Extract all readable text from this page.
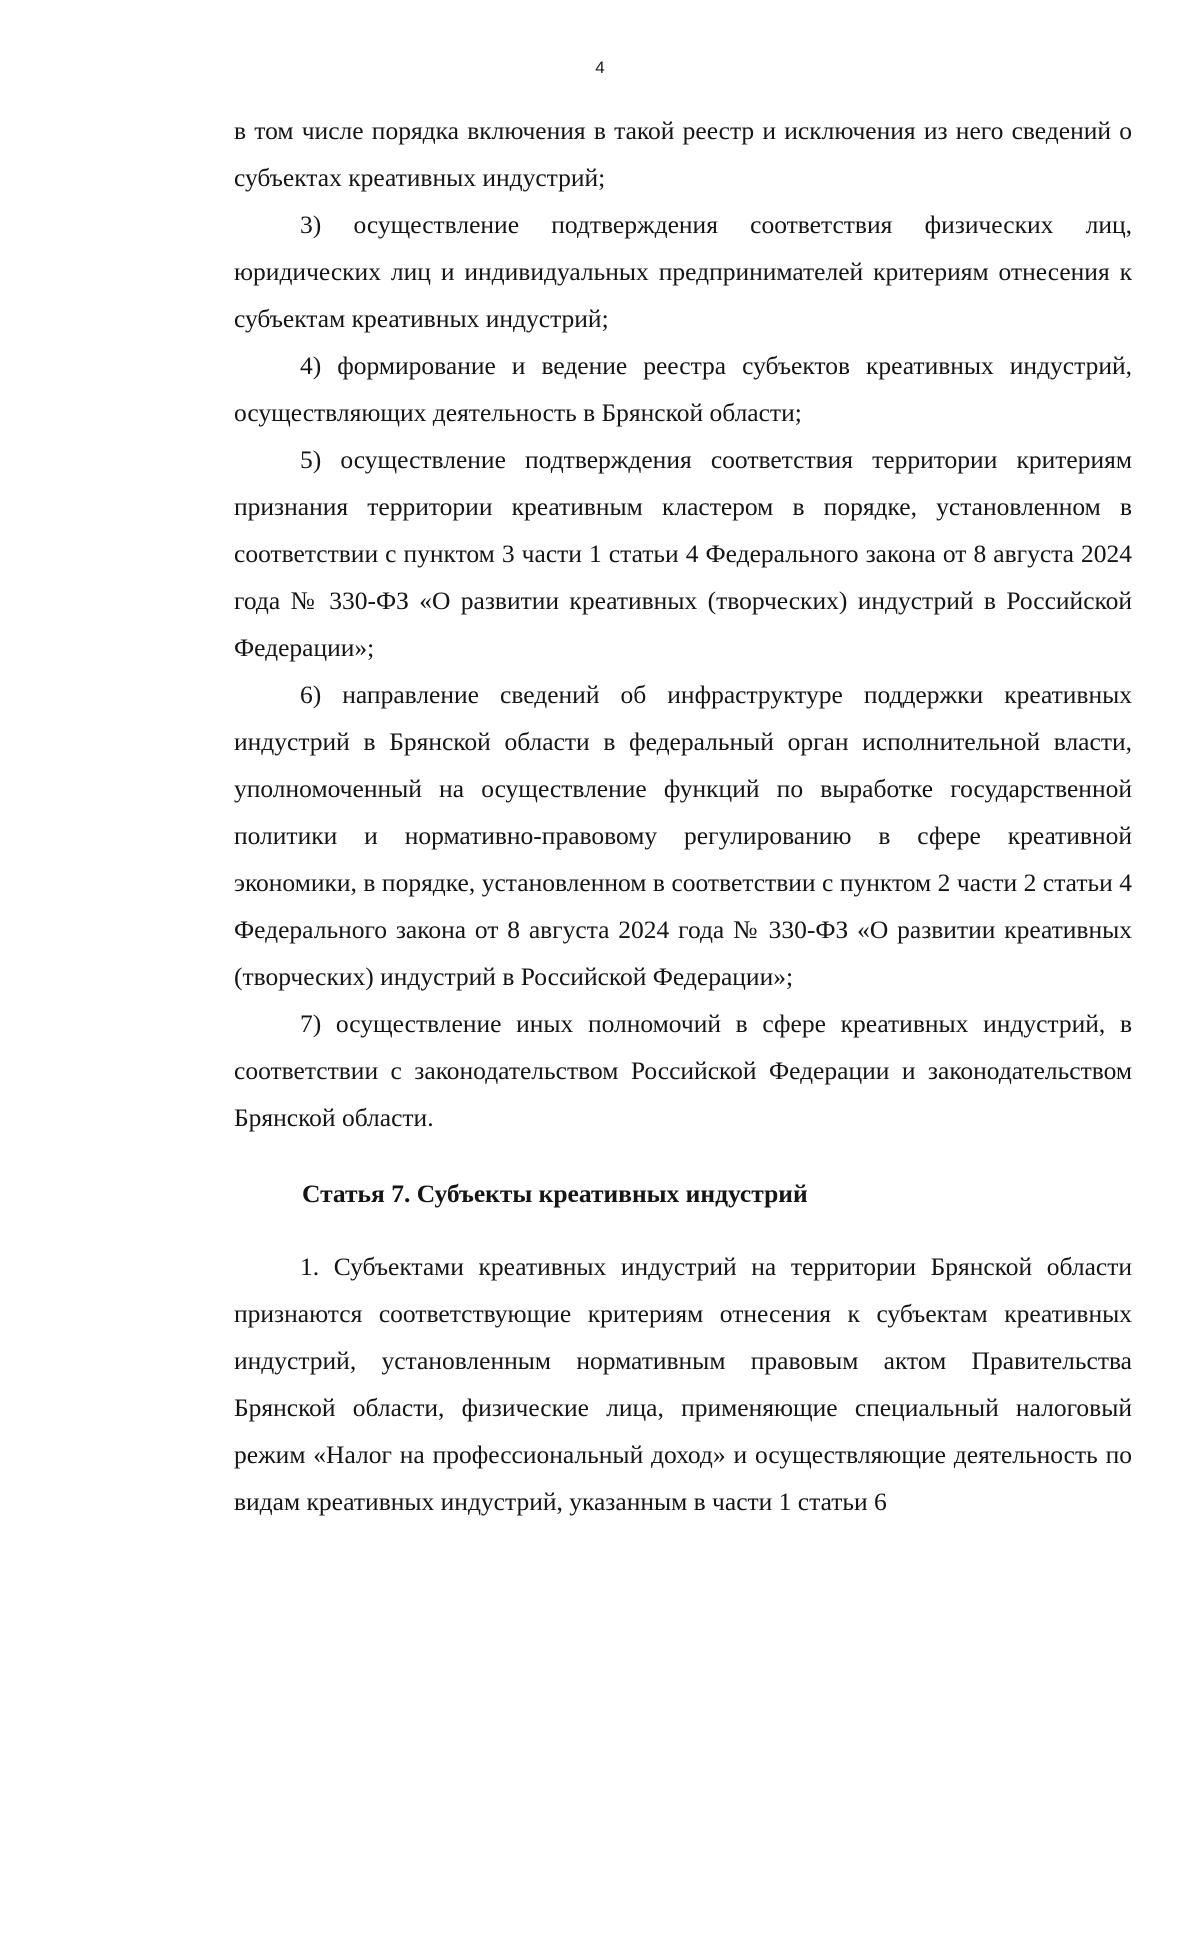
4

в том числе порядка включения в такой реестр и исключения из него сведений о субъектах креативных индустрий;

3) осуществление подтверждения соответствия физических лиц, юридических лиц и индивидуальных предпринимателей критериям отнесения к субъектам креативных индустрий;

4) формирование и ведение реестра субъектов креативных индустрий, осуществляющих деятельность в Брянской области;

5) осуществление подтверждения соответствия территории критериям признания территории креативным кластером в порядке, установленном в соответствии с пунктом 3 части 1 статьи 4 Федерального закона от 8 августа 2024 года № 330-ФЗ «О развитии креативных (творческих) индустрий в Российской Федерации»;

6) направление сведений об инфраструктуре поддержки креативных индустрий в Брянской области в федеральный орган исполнительной власти, уполномоченный на осуществление функций по выработке государственной политики и нормативно-правовому регулированию в сфере креативной экономики, в порядке, установленном в соответствии с пунктом 2 части 2 статьи 4 Федерального закона от 8 августа 2024 года № 330-ФЗ «О развитии креативных (творческих) индустрий в Российской Федерации»;

7) осуществление иных полномочий в сфере креативных индустрий, в соответствии с законодательством Российской Федерации и законодательством Брянской области.

Статья 7. Субъекты креативных индустрий

1. Субъектами креативных индустрий на территории Брянской области признаются соответствующие критериям отнесения к субъектам креативных индустрий, установленным нормативным правовым актом Правительства Брянской области, физические лица, применяющие специальный налоговый режим «Налог на профессиональный доход» и осуществляющие деятельность по видам креативных индустрий, указанным в части 1 статьи 6
